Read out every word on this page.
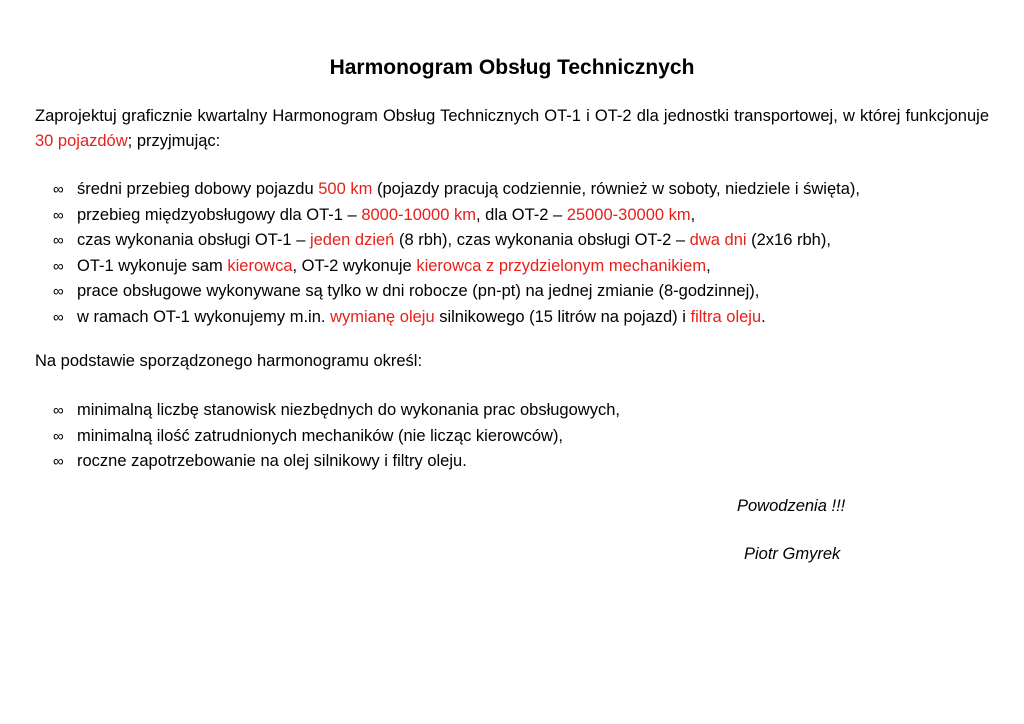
Harmonogram Obsług Technicznych
Zaprojektuj graficznie kwartalny Harmonogram Obsług Technicznych OT-1 i OT-2 dla jednostki transportowej, w której funkcjonuje 30 pojazdów; przyjmując:
∞ średni przebieg dobowy pojazdu 500 km (pojazdy pracują codziennie, również w soboty, niedziele i święta),
∞ przebieg międzyobsługowy dla OT-1 – 8000-10000 km, dla OT-2 – 25000-30000 km,
∞ czas wykonania obsługi OT-1 – jeden dzień (8 rbh), czas wykonania obsługi OT-2 – dwa dni (2x16 rbh),
∞ OT-1 wykonuje sam kierowca, OT-2 wykonuje kierowca z przydzielonym mechanikiem,
∞ prace obsługowe wykonywane są tylko w dni robocze (pn-pt) na jednej zmianie (8-godzinnej),
∞ w ramach OT-1 wykonujemy m.in. wymianę oleju silnikowego (15 litrów na pojazd) i filtra oleju.
Na podstawie sporządzonego harmonogramu określ:
∞ minimalną liczbę stanowisk niezbędnych do wykonania prac obsługowych,
∞ minimalną ilość zatrudnionych mechaników (nie licząc kierowców),
∞ roczne zapotrzebowanie na olej silnikowy i filtry oleju.
Powodzenia !!!
Piotr Gmyrek
